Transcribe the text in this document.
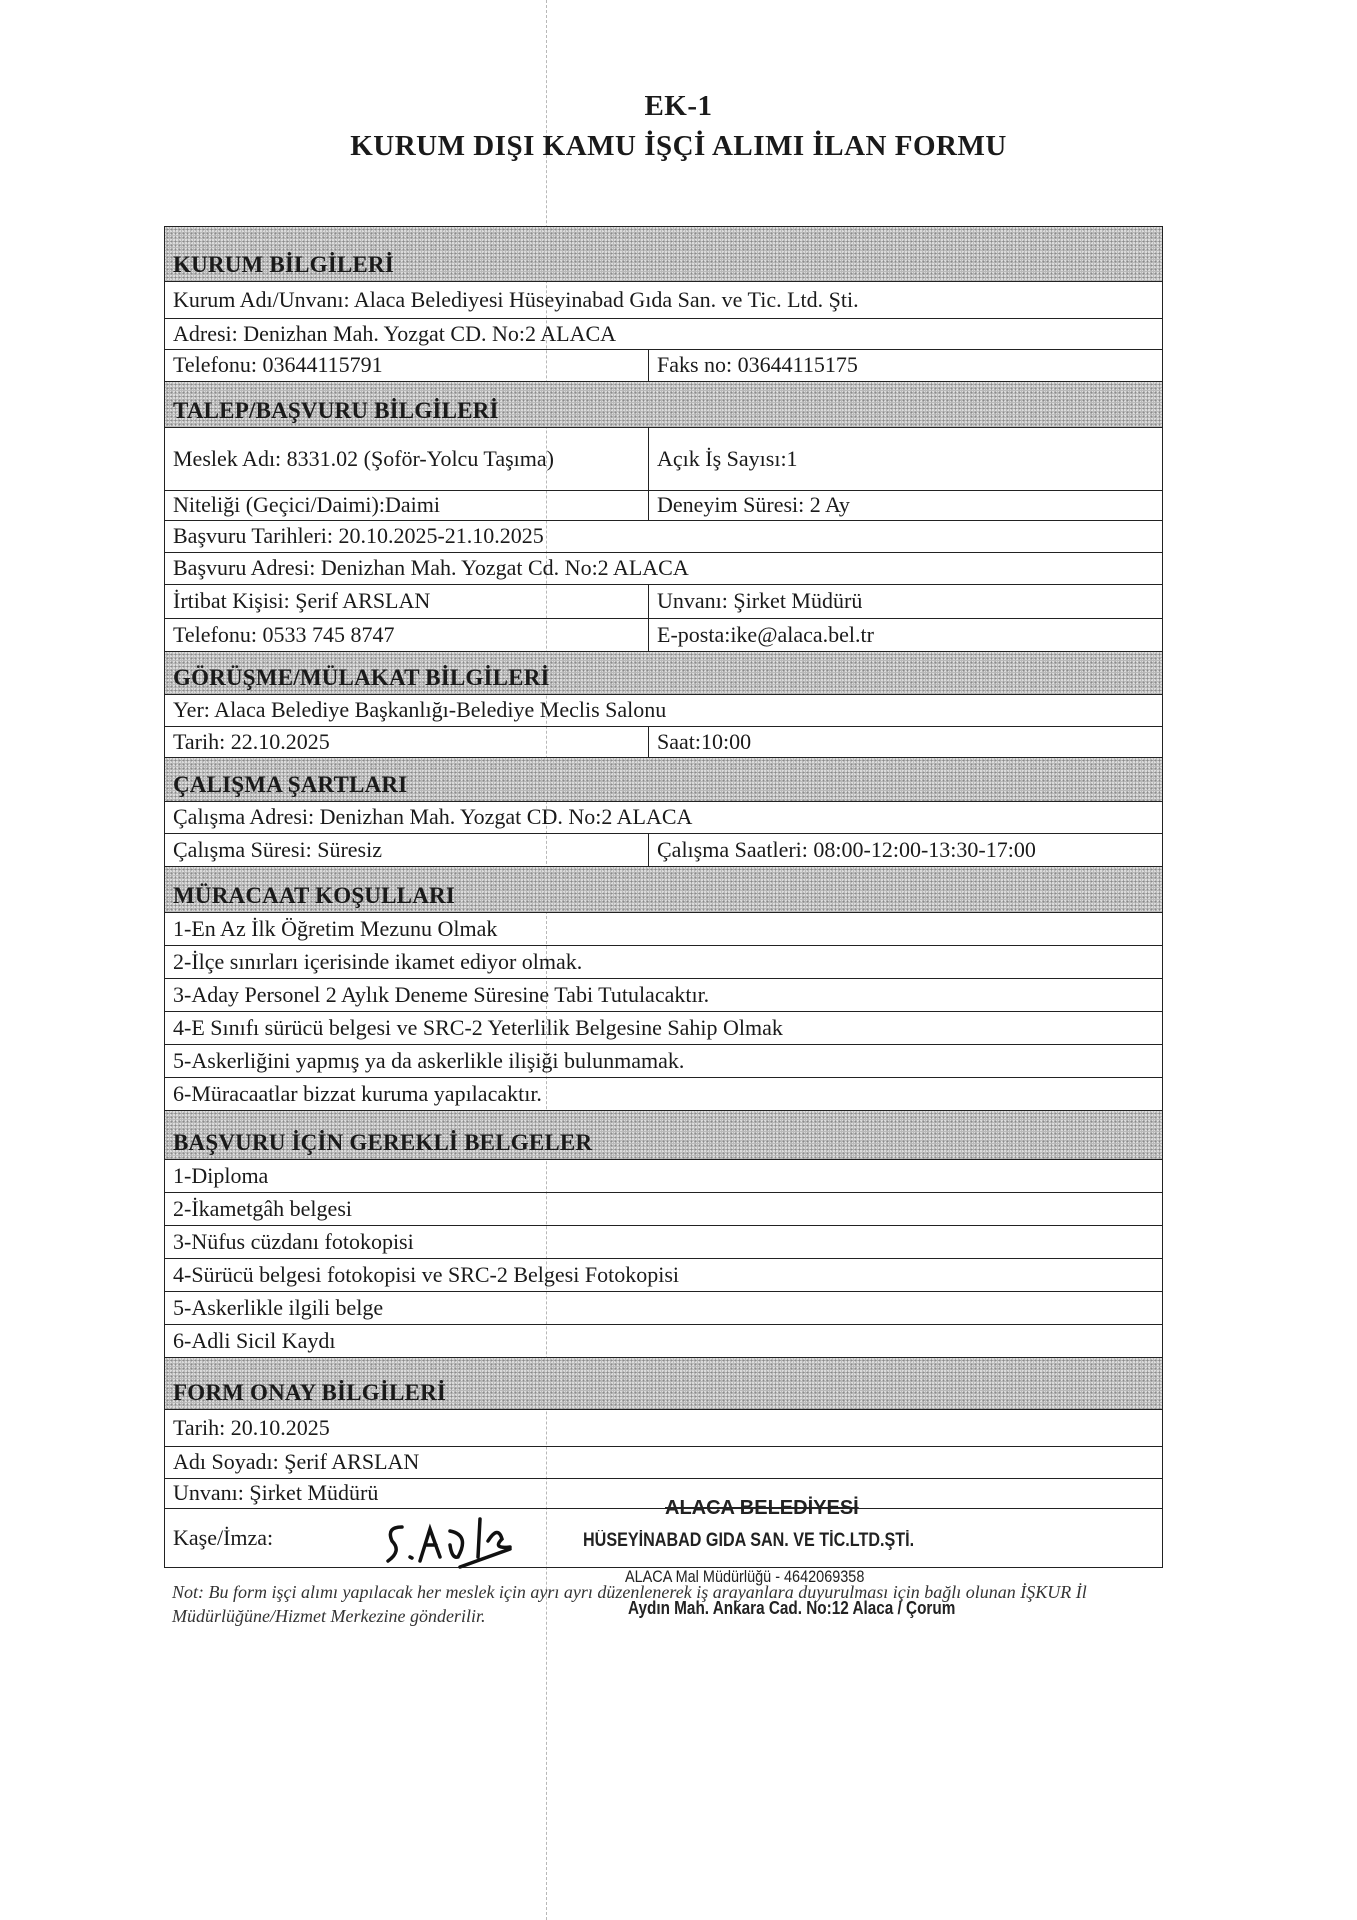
EK-1
KURUM DIŞI KAMU İŞÇİ ALIMI İLAN FORMU
KURUM BİLGİLERİ	
Kurum Adı/Unvanı: Alaca Belediyesi Hüseyinabad Gıda San. ve Tic. Ltd. Şti.	
Adresi: Denizhan Mah. Yozgat CD. No:2 ALACA	
Telefonu: 03644115791	Faks no: 03644115175
TALEP/BAŞVURU BİLGİLERİ	
Meslek Adı: 8331.02 (Şoför-Yolcu Taşıma)	Açık İş Sayısı:1
Niteliği (Geçici/Daimi):Daimi	Deneyim Süresi: 2 Ay
Başvuru Tarihleri: 20.10.2025-21.10.2025	
Başvuru Adresi: Denizhan Mah. Yozgat Cd. No:2 ALACA	
İrtibat Kişisi: Şerif ARSLAN	Unvanı: Şirket Müdürü
Telefonu: 0533 745 8747	E-posta:ike@alaca.bel.tr
GÖRÜŞME/MÜLAKAT BİLGİLERİ	
Yer: Alaca Belediye Başkanlığı-Belediye Meclis Salonu	
Tarih: 22.10.2025	Saat:10:00
ÇALIŞMA ŞARTLARI	
Çalışma Adresi: Denizhan Mah. Yozgat CD. No:2 ALACA	
Çalışma Süresi: Süresiz	Çalışma Saatleri: 08:00-12:00-13:30-17:00
MÜRACAAT KOŞULLARI	
1-En Az İlk Öğretim Mezunu Olmak	
2-İlçe sınırları içerisinde ikamet ediyor olmak.	
3-Aday Personel 2 Aylık Deneme Süresine Tabi Tutulacaktır.	
4-E Sınıfı sürücü belgesi ve SRC-2 Yeterlilik Belgesine Sahip Olmak	
5-Askerliğini yapmış ya da askerlikle ilişiği bulunmamak.	
6-Müracaatlar bizzat kuruma yapılacaktır.	
BAŞVURU İÇİN GEREKLİ BELGELER	
1-Diploma	
2-İkametgâh belgesi	
3-Nüfus cüzdanı fotokopisi	
4-Sürücü belgesi fotokopisi ve SRC-2 Belgesi Fotokopisi	
5-Askerlikle ilgili belge	
6-Adli Sicil Kaydı	
FORM ONAY BİLGİLERİ	
Tarih: 20.10.2025	
Adı Soyadı: Şerif ARSLAN	
Unvanı: Şirket Müdürü	
Kaşe/İmza:	
ALACA BELEDİYESİ
HÜSEYİNABAD GIDA SAN. VE TİC.LTD.ŞTİ.
ALACA Mal Müdürlüğü - 4642069358
Aydın Mah. Ankara Cad. No:12 Alaca / Çorum
Not: Bu form işçi alımı yapılacak her meslek için ayrı ayrı düzenlenerek iş arayanlara duyurulması için bağlı olunan İŞKUR İl Müdürlüğüne/Hizmet Merkezine gönderilir.
